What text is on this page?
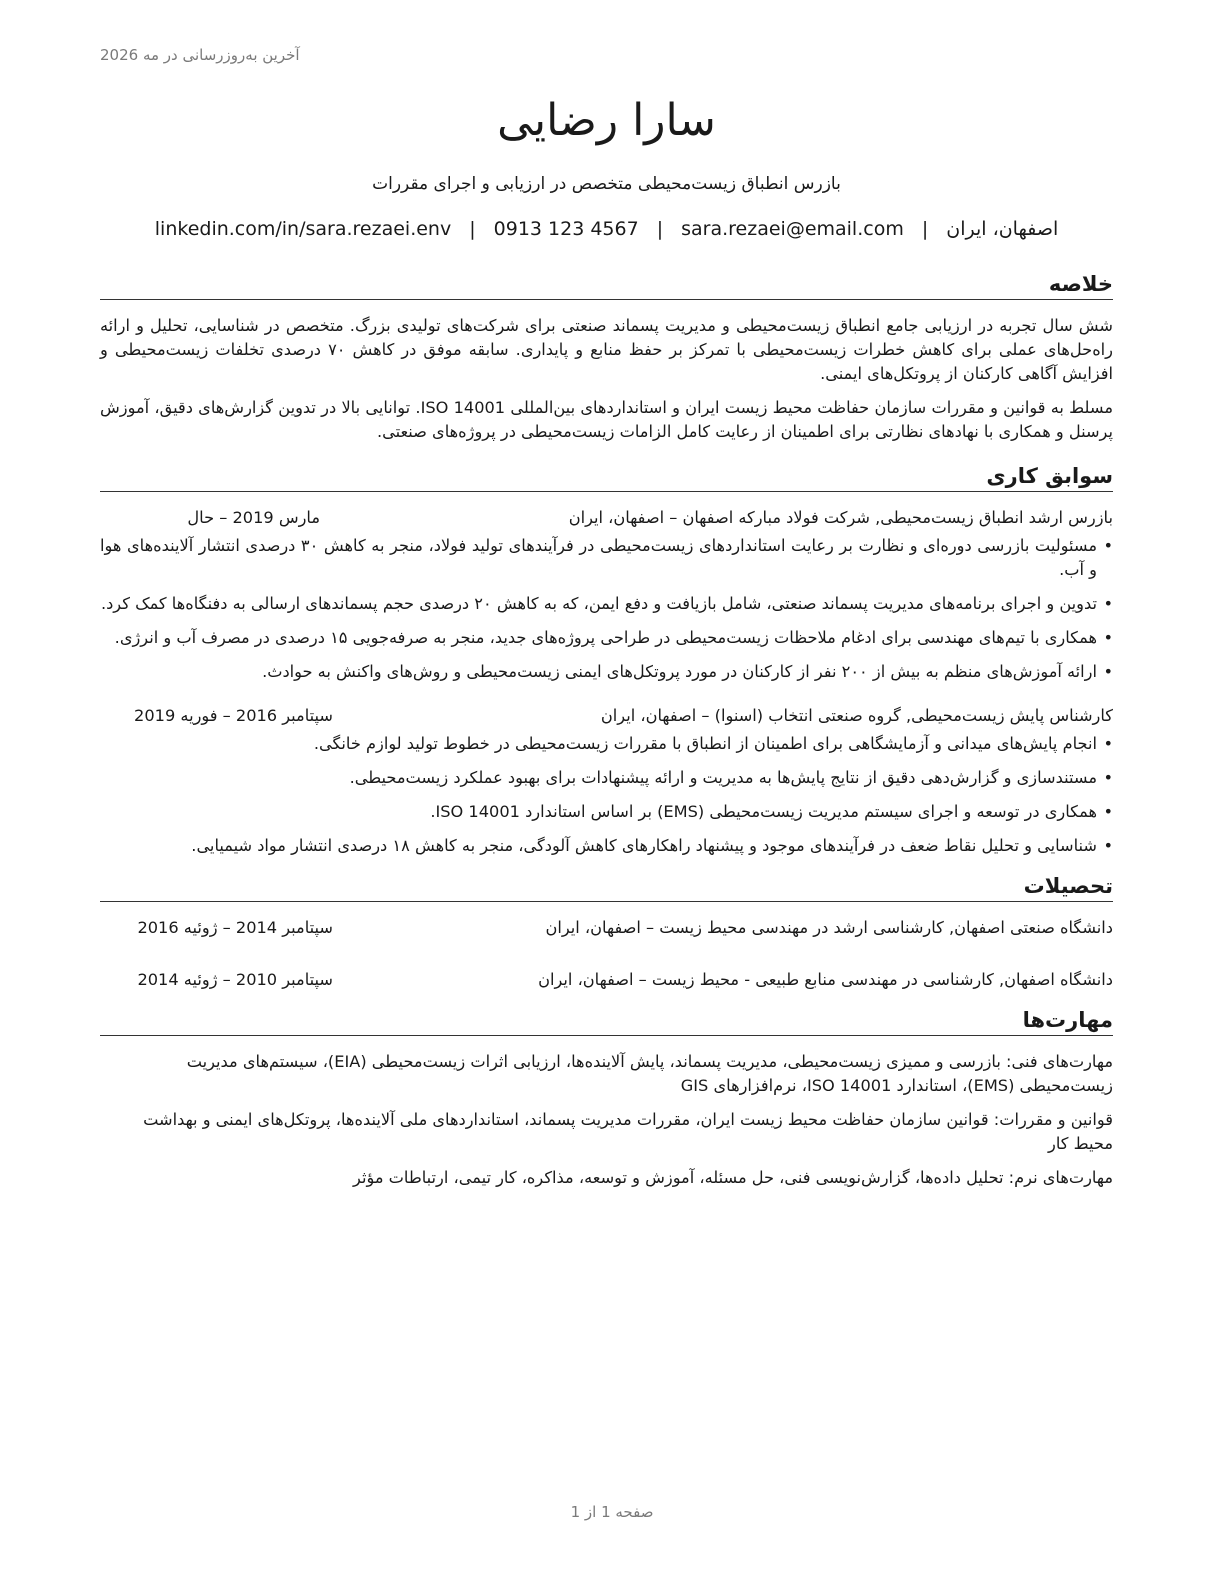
آخرین به‌روزرسانی در مه 2026
سارا رضایی
بازرس انطباق زیست‌محیطی متخصص در ارزیابی و اجرای مقررات
اصفهان، ایران
|
sara.rezaei@email.com
|
0913 123 4567
|
linkedin.com/in/sara.rezaei.env
خلاصه
شش سال تجربه در ارزیابی جامع انطباق زیست‌محیطی و مدیریت پسماند صنعتی برای شرکت‌های تولیدی بزرگ. متخصص در شناسایی، تحلیل و ارائه راه‌حل‌های عملی برای کاهش خطرات زیست‌محیطی با تمرکز بر حفظ منابع و پایداری. سابقه موفق در کاهش ۷۰ درصدی تخلفات زیست‌محیطی و افزایش آگاهی کارکنان از پروتکل‌های ایمنی.
مسلط به قوانین و مقررات سازمان حفاظت محیط زیست ایران و استانداردهای بین‌المللی ISO 14001. توانایی بالا در تدوین گزارش‌های دقیق، آموزش پرسنل و همکاری با نهادهای نظارتی برای اطمینان از رعایت کامل الزامات زیست‌محیطی در پروژه‌های صنعتی.
سوابق کاری
بازرس ارشد انطباق زیست‌محیطی, شرکت فولاد مبارکه اصفهان – اصفهان، ایران
مارس 2019 – حال
• مسئولیت بازرسی دوره‌ای و نظارت بر رعایت استانداردهای زیست‌محیطی در فرآیندهای تولید فولاد، منجر به کاهش ۳۰ درصدی انتشار آلاینده‌های هوا و آب.
• تدوین و اجرای برنامه‌های مدیریت پسماند صنعتی، شامل بازیافت و دفع ایمن، که به کاهش ۲۰ درصدی حجم پسماندهای ارسالی به دفنگاه‌ها کمک کرد.
• همکاری با تیم‌های مهندسی برای ادغام ملاحظات زیست‌محیطی در طراحی پروژه‌های جدید، منجر به صرفه‌جویی ۱۵ درصدی در مصرف آب و انرژی.
• ارائه آموزش‌های منظم به بیش از ۲۰۰ نفر از کارکنان در مورد پروتکل‌های ایمنی زیست‌محیطی و روش‌های واکنش به حوادث.
کارشناس پایش زیست‌محیطی, گروه صنعتی انتخاب (اسنوا) – اصفهان، ایران
سپتامبر 2016 – فوریه 2019
• انجام پایش‌های میدانی و آزمایشگاهی برای اطمینان از انطباق با مقررات زیست‌محیطی در خطوط تولید لوازم خانگی.
• مستندسازی و گزارش‌دهی دقیق از نتایج پایش‌ها به مدیریت و ارائه پیشنهادات برای بهبود عملکرد زیست‌محیطی.
• همکاری در توسعه و اجرای سیستم مدیریت زیست‌محیطی (EMS) بر اساس استاندارد ISO 14001.
• شناسایی و تحلیل نقاط ضعف در فرآیندهای موجود و پیشنهاد راهکارهای کاهش آلودگی، منجر به کاهش ۱۸ درصدی انتشار مواد شیمیایی.
تحصیلات
دانشگاه صنعتی اصفهان, کارشناسی ارشد در مهندسی محیط زیست – اصفهان، ایران
سپتامبر 2014 – ژوئیه 2016
دانشگاه اصفهان, کارشناسی در مهندسی منابع طبیعی - محیط زیست – اصفهان، ایران
سپتامبر 2010 – ژوئیه 2014
مهارت‌ها
مهارت‌های فنی: بازرسی و ممیزی زیست‌محیطی، مدیریت پسماند، پایش آلاینده‌ها، ارزیابی اثرات زیست‌محیطی (EIA)، سیستم‌های مدیریت زیست‌محیطی (EMS)، استاندارد ISO 14001، نرم‌افزارهای GIS
قوانین و مقررات: قوانین سازمان حفاظت محیط زیست ایران، مقررات مدیریت پسماند، استانداردهای ملی آلاینده‌ها، پروتکل‌های ایمنی و بهداشت محیط کار
مهارت‌های نرم: تحلیل داده‌ها، گزارش‌نویسی فنی، حل مسئله، آموزش و توسعه، مذاکره، کار تیمی، ارتباطات مؤثر
صفحه 1 از 1
